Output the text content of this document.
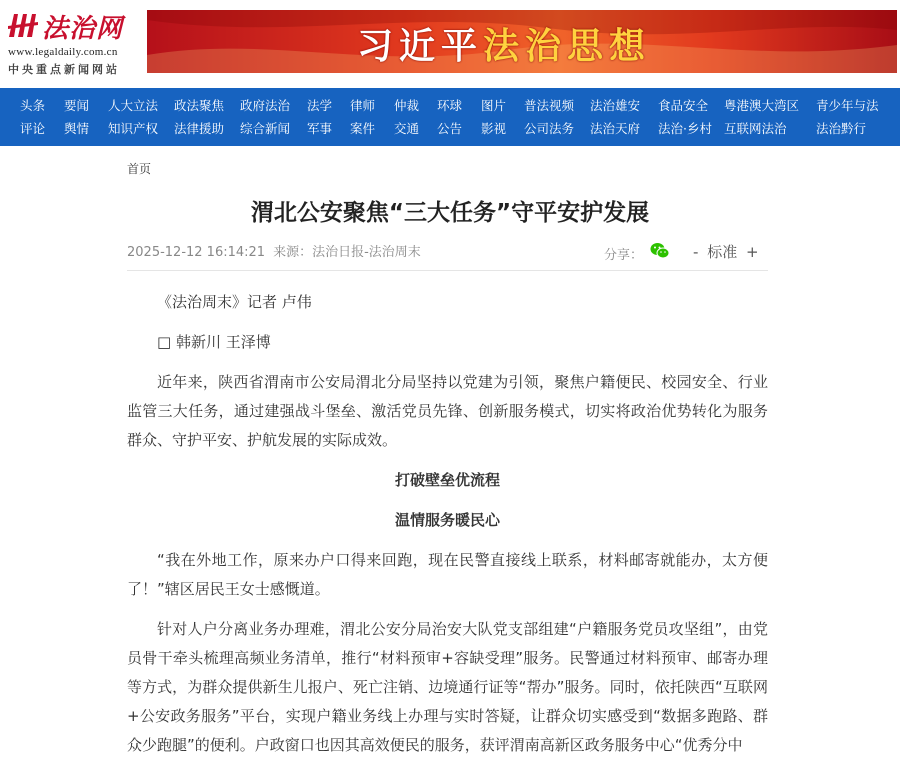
法治网
www.legaldaily.com.cn
中央重点新闻网站
习近平法治思想
头条 要闻 人大立法 政法聚焦 政府法治 法学 律师 仲裁 环球 图片 普法视频 法治雄安 食品安全 粤港澳大湾区 青少年与法
评论 舆情 知识产权 法律援助 综合新闻 军事 案件 交通 公告 影视 公司法务 法治天府 法治·乡村 互联网法治 法治黔行
首页
渭北公安聚焦“三大任务”守平安护发展
2025-12-12 16:14:21 来源：法治日报-法治周末	分享：	- 标准 +

《法治周末》记者 卢伟

□ 韩新川 王泽博

近年来，陕西省渭南市公安局渭北分局坚持以党建为引领，聚焦户籍便民、校园安全、行业监管三大任务，通过建强战斗堡垒、激活党员先锋、创新服务模式，切实将政治优势转化为服务群众、守护平安、护航发展的实际成效。

打破壁垒优流程

温情服务暖民心

“我在外地工作，原来办户口得来回跑，现在民警直接线上联系，材料邮寄就能办，太方便了！”辖区居民王女士感慨道。

针对人户分离业务办理难，渭北公安分局治安大队党支部组建“户籍服务党员攻坚组”，由党员骨干牵头梳理高频业务清单，推行“材料预审+容缺受理”服务。民警通过材料预审、邮寄办理等方式，为群众提供新生儿报户、死亡注销、边境通行证等“帮办”服务。同时，依托陕西“互联网+公安政务服务”平台，实现户籍业务线上办理与实时答疑，让群众切实感受到“数据多跑路、群众少跑腿”的便利。户政窗口也因其高效便民的服务，获评渭南高新区政务服务中心“优秀分中
